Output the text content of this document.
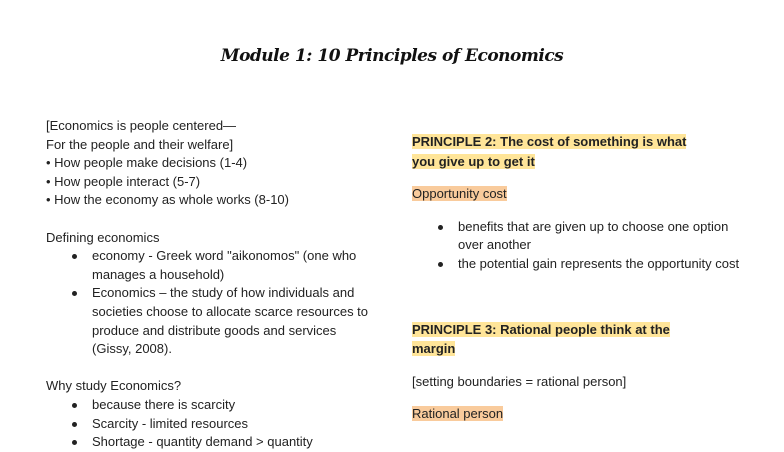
Module 1: 10 Principles of Economics
[Economics is people centered—
For the people and their welfare]
• How people make decisions (1-4)
• How people interact (5-7)
• How the economy as whole works (8-10)
Defining economics
economy - Greek word "aikonomos" (one who manages a household)
Economics – the study of how individuals and societies choose to allocate scarce resources to produce and distribute goods and services (Gissy, 2008).
Why study Economics?
because there is scarcity
Scarcity - limited resources
Shortage - quantity demand > quantity
PRINCIPLE 2: The cost of something is what you give up to get it
Opportunity cost
benefits that are given up to choose one option over another
the potential gain represents the opportunity cost
PRINCIPLE 3: Rational people think at the margin
[setting boundaries = rational person]
Rational person
